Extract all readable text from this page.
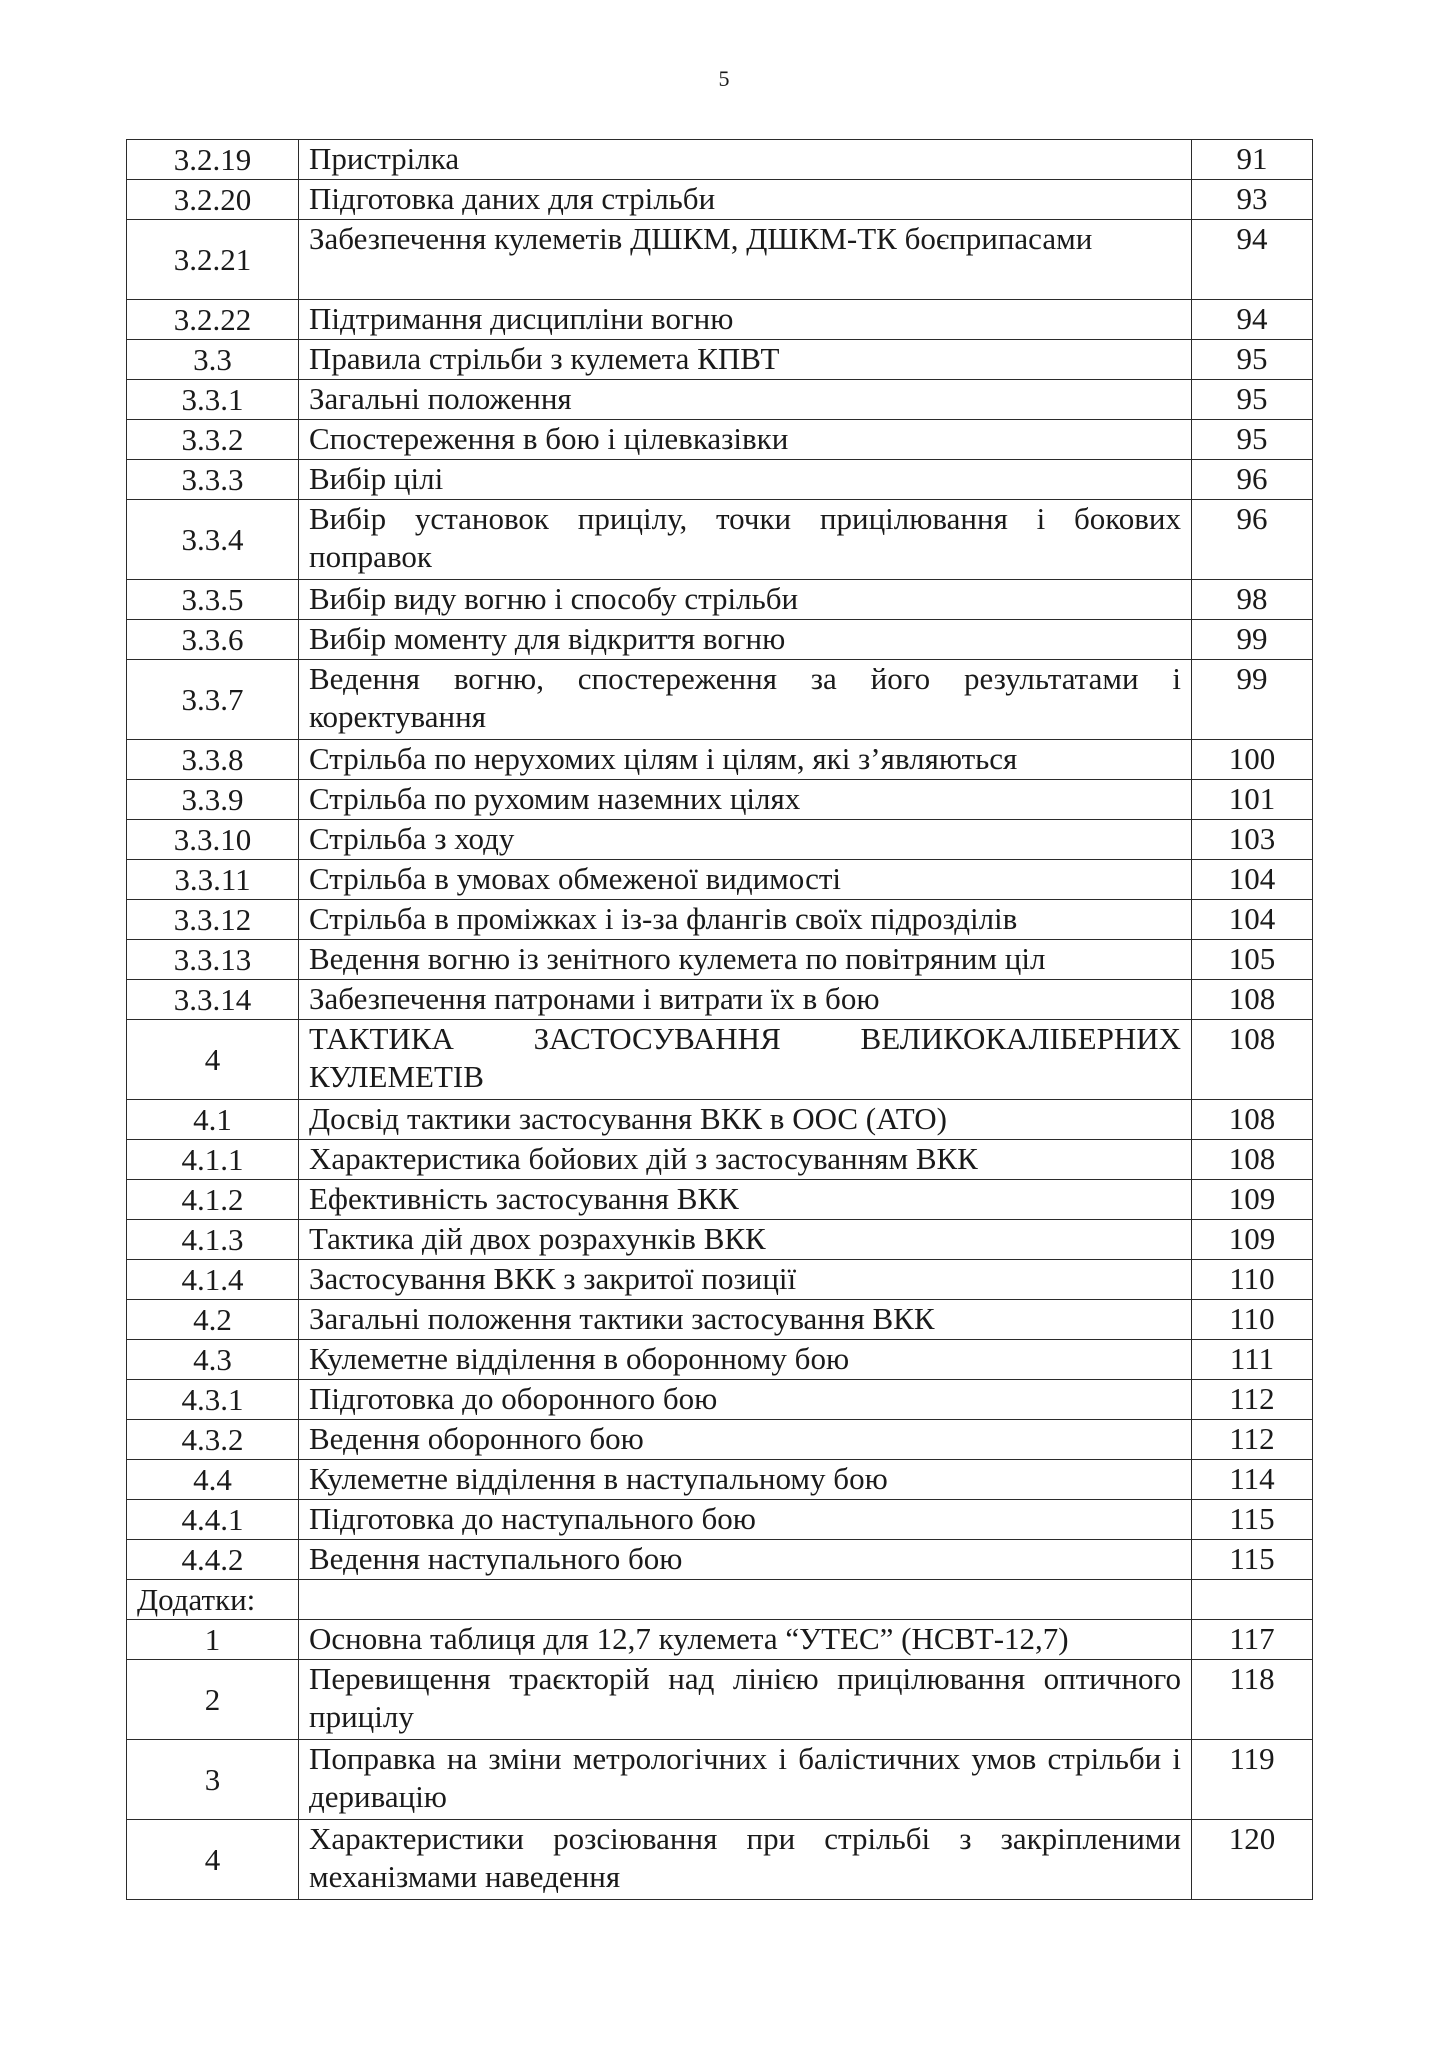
5
3.2.19	Пристрілка	91
3.2.20	Підготовка даних для стрільби	93
3.2.21	Забезпечення кулеметів ДШКМ, ДШКМ-ТК боєприпасами	94
3.2.22	Підтримання дисципліни вогню	94
3.3	Правила стрільби з кулемета КПВТ	95
3.3.1	Загальні положення	95
3.3.2	Спостереження в бою і цілевказівки	95
3.3.3	Вибір цілі	96
3.3.4	Вибір установок прицілу, точки прицілювання і бокових поправок	96
3.3.5	Вибір виду вогню і способу стрільби	98
3.3.6	Вибір моменту для відкриття вогню	99
3.3.7	Ведення вогню, спостереження за його результатами і коректування	99
3.3.8	Стрільба по нерухомих цілям і цілям, які з’являються	100
3.3.9	Стрільба по рухомим наземних цілях	101
3.3.10	Стрільба з ходу	103
3.3.11	Стрільба в умовах обмеженої видимості	104
3.3.12	Стрільба в проміжках і із-за флангів своїх підрозділів	104
3.3.13	Ведення вогню із зенітного кулемета по повітряним ціл	105
3.3.14	Забезпечення патронами і витрати їх в бою	108
4	ТАКТИКА ЗАСТОСУВАННЯ ВЕЛИКОКАЛІБЕРНИХ КУЛЕМЕТІВ	108
4.1	Досвід тактики застосування ВКК в ООС (АТО)	108
4.1.1	Характеристика бойових дій з застосуванням ВКК	108
4.1.2	Ефективність застосування ВКК	109
4.1.3	Тактика дій двох розрахунків ВКК	109
4.1.4	Застосування ВКК з закритої позиції	110
4.2	Загальні положення тактики застосування ВКК	110
4.3	Кулеметне відділення в оборонному бою	111
4.3.1	Підготовка до оборонного бою	112
4.3.2	Ведення оборонного бою	112
4.4	Кулеметне відділення в наступальному бою	114
4.4.1	Підготовка до наступального бою	115
4.4.2	Ведення наступального бою	115
Додатки:		
1	Основна таблиця для 12,7 кулемета “УТЕС” (НСВТ-12,7)	117
2	Перевищення траєкторій над лінією прицілювання оптичного прицілу	118
3	Поправка на зміни метрологічних і балістичних умов стрільби і деривацію	119
4	Характеристики розсіювання при стрільбі з закріпленими механізмами наведення	120
